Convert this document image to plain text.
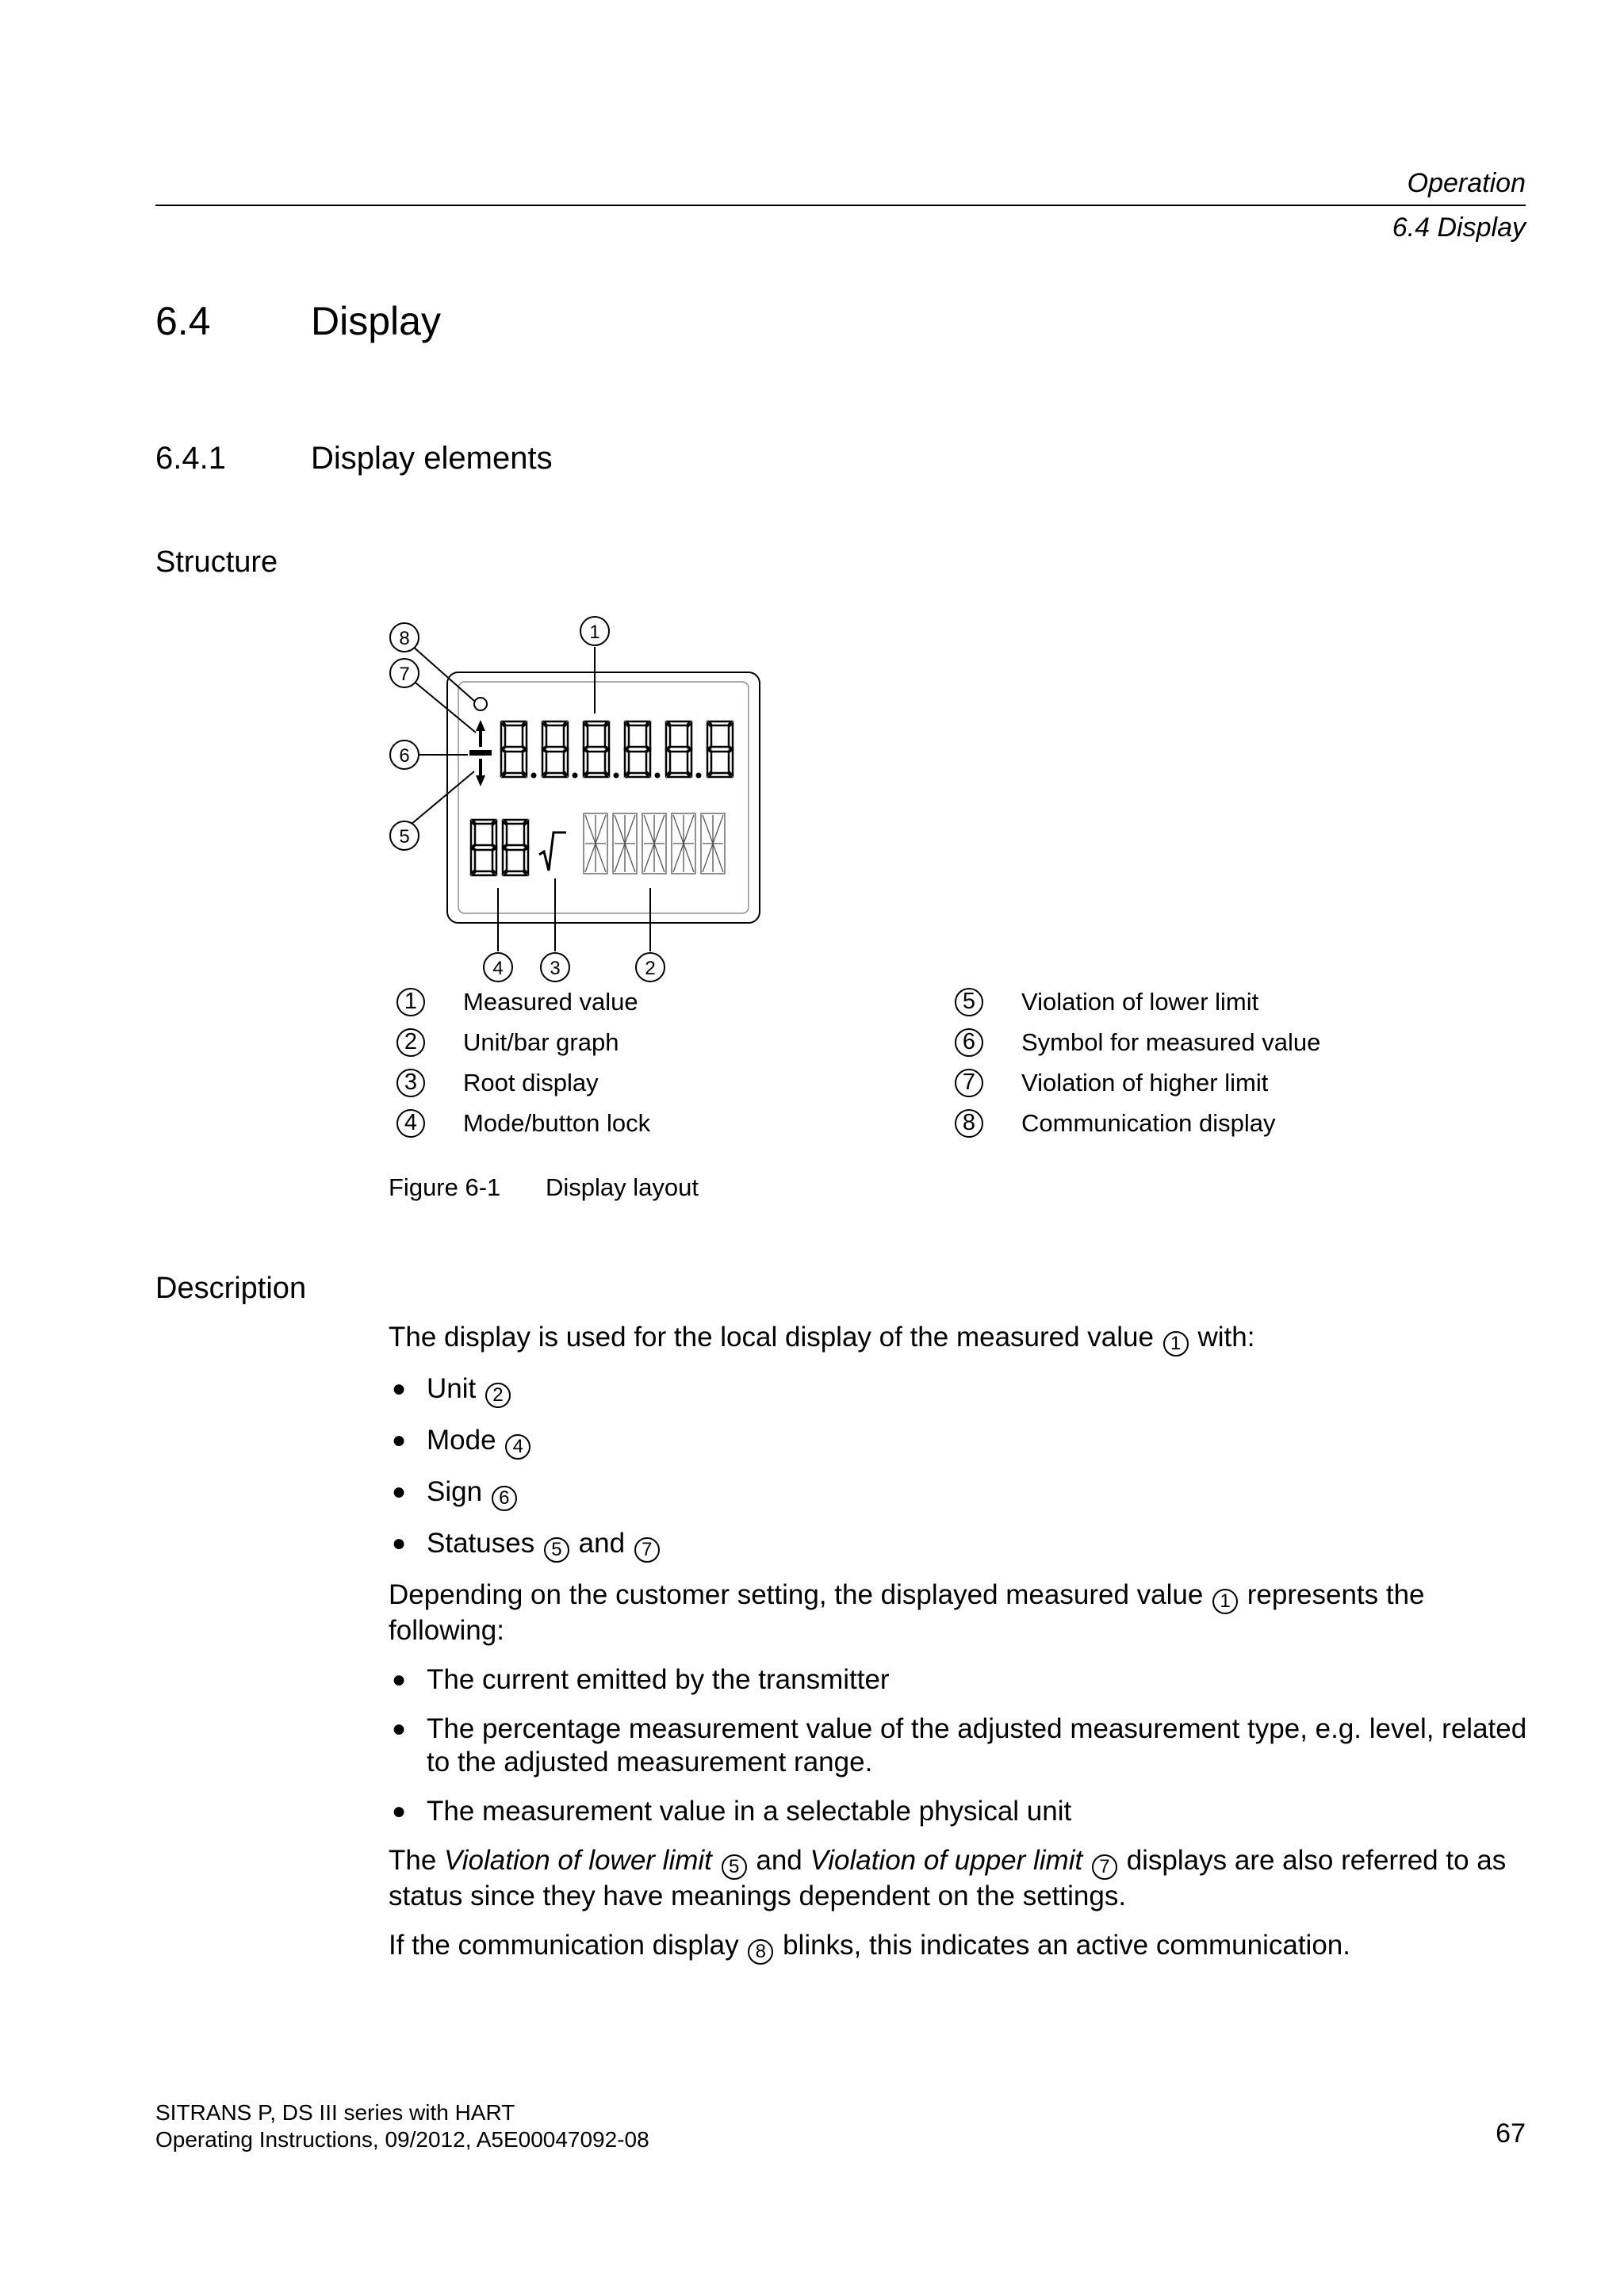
Operation
6.4 Display
6.4	Display
6.4.1	Display elements
Structure
1
8
7
6
5
4 3	2
1	Measured value
2	Unit/bar graph
3	Root display
4	Mode/button lock
5	Violation of lower limit
6	Symbol for measured value
7	Violation of higher limit
8	Communication display
Figure 6-1 Display layout
Description

The display is used for the local display of the measured value 1 with:

● Unit 2
● Mode 4
● Sign 6
● Statuses 5 and 7

Depending on the customer setting, the displayed measured value 1 represents the following:

● The current emitted by the transmitter
● The percentage measurement value of the adjusted measurement type, e.g. level, related to the adjusted measurement range.
● The measurement value in a selectable physical unit

The Violation of lower limit 5 and Violation of upper limit 7 displays are also referred to as status since they have meanings dependent on the settings.

If the communication display 8 blinks, this indicates an active communication.

SITRANS P, DS III series with HART
Operating Instructions, 09/2012, A5E00047092-08	67
